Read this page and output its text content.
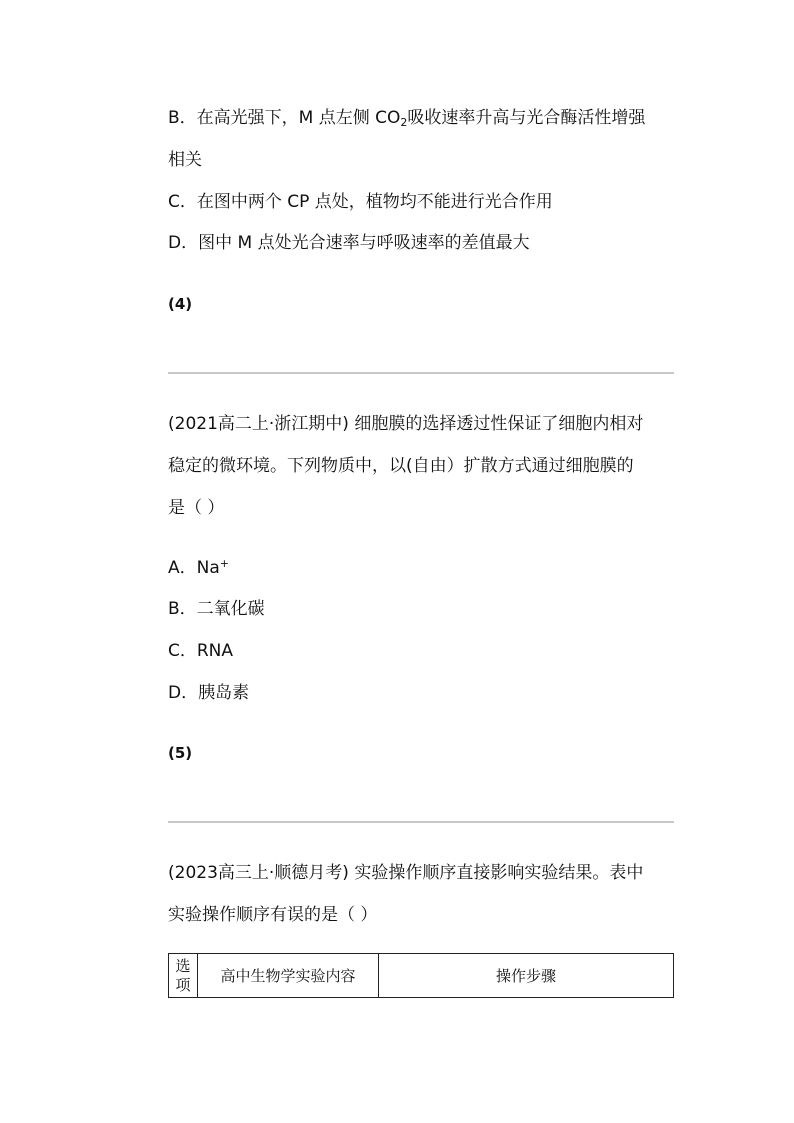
B．在高光强下，M 点左侧 $CO_2$吸收速率升高与光合酶活性增强
相关
C．在图中两个 CP 点处，植物均不能进行光合作用
D．图中 M 点处光合速率与呼吸速率的差值最大
(4)
(2021高二上·浙江期中) 细胞膜的选择透过性保证了细胞内相对
稳定的微环境。下列物质中，以(自由）扩散方式通过细胞膜的
是（ ）
A．Na+
B．二氧化碳
C．RNA
D．胰岛素
(5)
(2023高三上·顺德月考) 实验操作顺序直接影响实验结果。表中
实验操作顺序有误的是（ ）
选项	高中生物学实验内容	操作步骤
